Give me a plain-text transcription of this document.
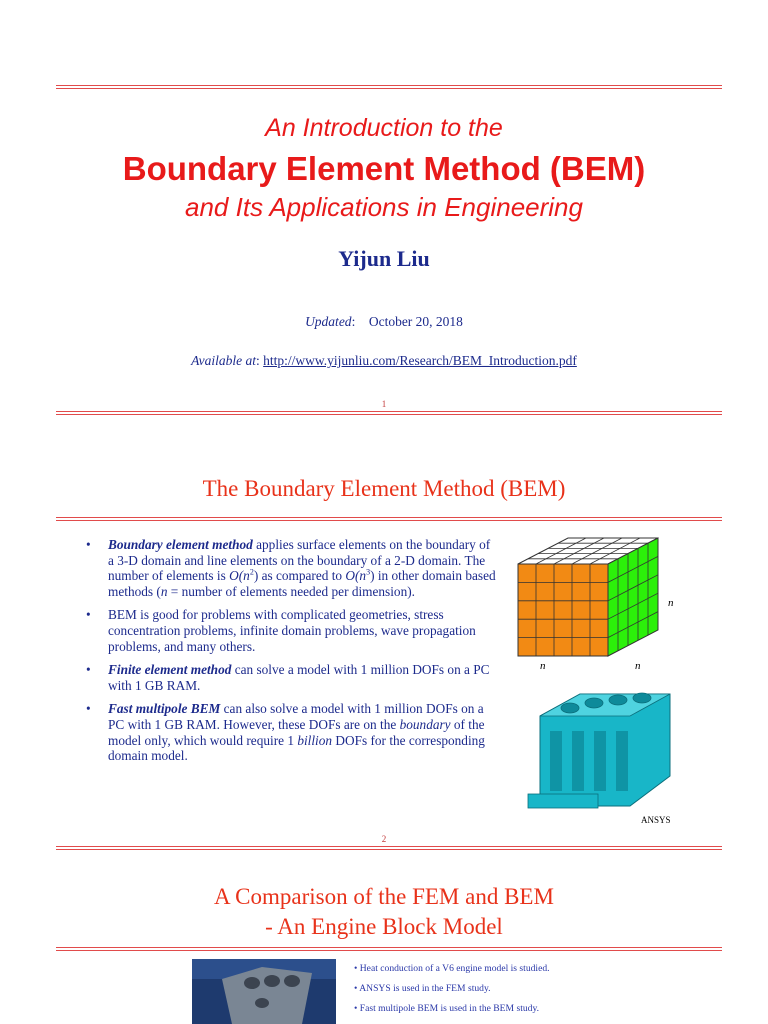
An Introduction to the
Boundary Element Method (BEM)
and Its Applications in Engineering
Yijun Liu
Updated:    October 20, 2018
Available at: http://www.yijunliu.com/Research/BEM_Introduction.pdf
1
The Boundary Element Method (BEM)
• Boundary element method applies surface elements on the boundary of a 3-D domain and line elements on the boundary of a 2-D domain. The number of elements is $O(n^2)$ as compared to $O(n^3)$ in other domain based methods (n = number of elements needed per dimension).
• BEM is good for problems with complicated geometries, stress concentration problems, infinite domain problems, wave propagation problems, and many others.
• Finite element method can solve a model with 1 million DOFs on a PC with 1 GB RAM.
• Fast multipole BEM can also solve a model with 1 million DOFs on a PC with 1 GB RAM. However, these DOFs are on the boundary of the model only, which would require 1 billion DOFs for the corresponding domain model.
n
n	n
ANSYS
2
A Comparison of the FEM and BEM
- An Engine Block Model
• Heat conduction of a V6 engine model is studied.
• ANSYS is used in the FEM study.
• Fast multipole BEM is used in the BEM study.
